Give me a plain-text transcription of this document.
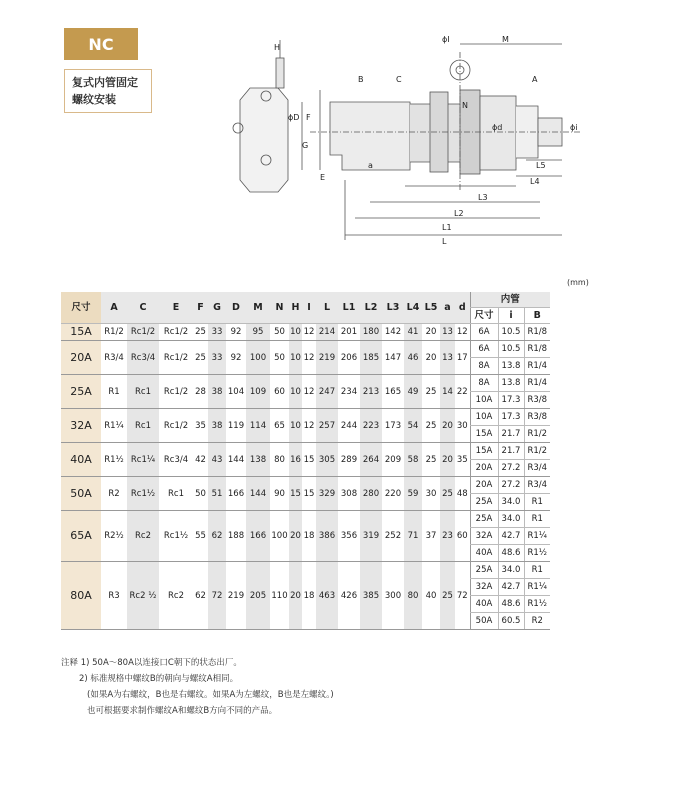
NC
复式内管固定
螺纹安装
H
ϕI	M
A
B	C
N
ϕD F
G
ϕd	ϕi
E
a	L5
L4
L3
L2
L1
L
(mm)
尺寸	A	C	E	F	G	D	M	N	H	I	L	L1	L2	L3	L4	L5	a	d	内管		
																			尺寸	i	B
15A	R1/2	Rc1/2	Rc1/2	25	33	92	95	50	10	12	214	201	180	142	41	20	13	12	6A	10.5	R1/8
20A	R3/4	Rc3/4	Rc1/2	25	33	92	100	50	10	12	219	206	185	147	46	20	13	17	6A	10.5	R1/8
																			8A	13.8	R1/4
25A	R1	Rc1	Rc1/2	28	38	104	109	60	10	12	247	234	213	165	49	25	14	22	8A	13.8	R1/4
																			10A	17.3	R3/8
32A	R1¼	Rc1	Rc1/2	35	38	119	114	65	10	12	257	244	223	173	54	25	20	30	10A	17.3	R3/8
																			15A	21.7	R1/2
40A	R1½	Rc1¼	Rc3/4	42	43	144	138	80	16	15	305	289	264	209	58	25	20	35	15A	21.7	R1/2
																			20A	27.2	R3/4
50A	R2	Rc1½	Rc1	50	51	166	144	90	15	15	329	308	280	220	59	30	25	48	20A	27.2	R3/4
																			25A	34.0	R1
65A	R2½	Rc2	Rc1½	55	62	188	166	100	20	18	386	356	319	252	71	37	23	60	25A	34.0	R1
																			32A	42.7	R1¼
																			40A	48.6	R1½
80A	R3	Rc2 ½	Rc2	62	72	219	205	110	20	18	463	426	385	300	80	40	25	72	25A	34.0	R1
																			32A	42.7	R1¼
																			40A	48.6	R1½
																			50A	60.5	R2
注释 1) 50A～80A以连接口C朝下的状态出厂。
2) 标准规格中螺纹B的朝向与螺纹A相同。
(如果A为右螺纹，B也是右螺纹。如果A为左螺纹，B也是左螺纹。)
也可根据要求制作螺纹A和螺纹B方向不同的产品。
